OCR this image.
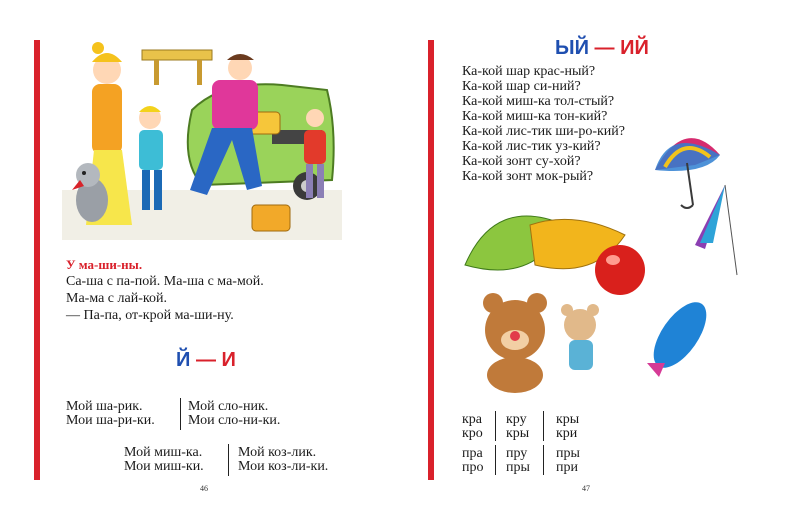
У ма-ши-ны.
Са-ша с па-пой. Ма-ша с ма-мой.
Ма-ма с лай-кой.
— Па-па, от-крой ма-ши-ну.
Й — И
Мой ша-рик.
Мои ша-ри-ки.
Мой сло-ник.
Мои сло-ни-ки.
Мой миш-ка.
Мои миш-ки.
Мой коз-лик.
Мои коз-ли-ки.
46
ЫЙ — ИЙ
Ка-кой шар крас-ный?
Ка-кой шар си-ний?
Ка-кой миш-ка тол-стый?
Ка-кой миш-ка тон-кий?
Ка-кой лис-тик ши-ро-кий?
Ка-кой лис-тик уз-кий?
Ка-кой зонт су-хой?
Ка-кой зонт мок-рый?
кра
кро
кру
кры
кры
кри
пра
про
пру
пры
пры
при
47
